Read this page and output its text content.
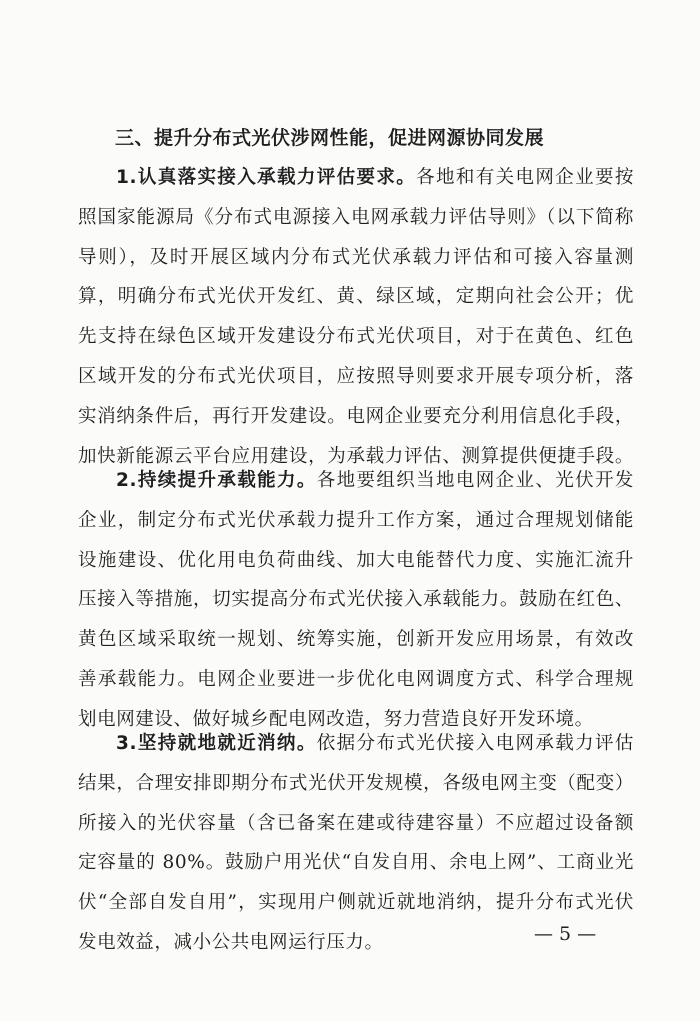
三、提升分布式光伏涉网性能，促进网源协同发展
1.认真落实接入承载力评估要求。各地和有关电网企业要按
照国家能源局《分布式电源接入电网承载力评估导则》（以下简称
导则），及时开展区域内分布式光伏承载力评估和可接入容量测
算，明确分布式光伏开发红、黄、绿区域，定期向社会公开；优
先支持在绿色区域开发建设分布式光伏项目，对于在黄色、红色
区域开发的分布式光伏项目，应按照导则要求开展专项分析，落
实消纳条件后，再行开发建设。电网企业要充分利用信息化手段，
加快新能源云平台应用建设，为承载力评估、测算提供便捷手段。
2.持续提升承载能力。各地要组织当地电网企业、光伏开发
企业，制定分布式光伏承载力提升工作方案，通过合理规划储能
设施建设、优化用电负荷曲线、加大电能替代力度、实施汇流升
压接入等措施，切实提高分布式光伏接入承载能力。鼓励在红色、
黄色区域采取统一规划、统筹实施，创新开发应用场景，有效改
善承载能力。电网企业要进一步优化电网调度方式、科学合理规
划电网建设、做好城乡配电网改造，努力营造良好开发环境。
3.坚持就地就近消纳。依据分布式光伏接入电网承载力评估
结果，合理安排即期分布式光伏开发规模，各级电网主变（配变）
所接入的光伏容量（含已备案在建或待建容量）不应超过设备额
定容量的 80%。鼓励户用光伏“自发自用、余电上网”、工商业光
伏“全部自发自用”，实现用户侧就近就地消纳，提升分布式光伏
发电效益，减小公共电网运行压力。	— 5 —
